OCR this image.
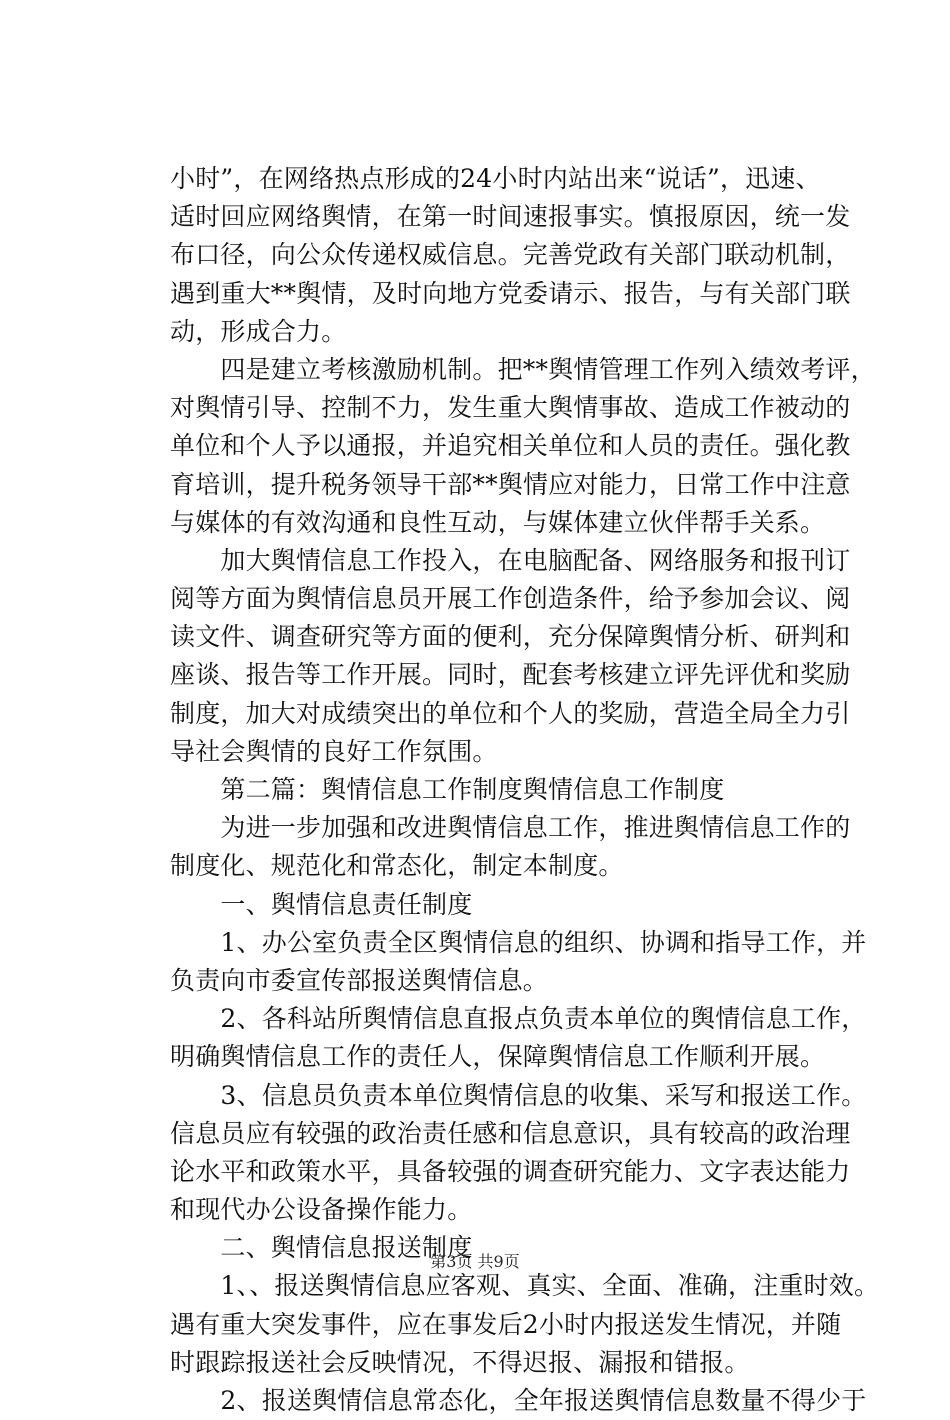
小时”，在网络热点形成的24小时内站出来“说话”，迅速、
适时回应网络舆情，在第一时间速报事实。慎报原因，统一发
布口径，向公众传递权威信息。完善党政有关部门联动机制，
遇到重大**舆情，及时向地方党委请示、报告，与有关部门联
动，形成合力。
　　四是建立考核激励机制。把**舆情管理工作列入绩效考评，
对舆情引导、控制不力，发生重大舆情事故、造成工作被动的
单位和个人予以通报，并追究相关单位和人员的责任。强化教
育培训，提升税务领导干部**舆情应对能力，日常工作中注意
与媒体的有效沟通和良性互动，与媒体建立伙伴帮手关系。
　　加大舆情信息工作投入，在电脑配备、网络服务和报刊订
阅等方面为舆情信息员开展工作创造条件，给予参加会议、阅
读文件、调查研究等方面的便利，充分保障舆情分析、研判和
座谈、报告等工作开展。同时，配套考核建立评先评优和奖励
制度，加大对成绩突出的单位和个人的奖励，营造全局全力引
导社会舆情的良好工作氛围。
　　第二篇：舆情信息工作制度舆情信息工作制度
　　为进一步加强和改进舆情信息工作，推进舆情信息工作的
制度化、规范化和常态化，制定本制度。
　　一、舆情信息责任制度
　　1、办公室负责全区舆情信息的组织、协调和指导工作，并
负责向市委宣传部报送舆情信息。
　　2、各科站所舆情信息直报点负责本单位的舆情信息工作，
明确舆情信息工作的责任人，保障舆情信息工作顺利开展。
　　3、信息员负责本单位舆情信息的收集、采写和报送工作。
信息员应有较强的政治责任感和信息意识，具有较高的政治理
论水平和政策水平，具备较强的调查研究能力、文字表达能力
和现代办公设备操作能力。
　　二、舆情信息报送制度
　　1、、报送舆情信息应客观、真实、全面、准确，注重时效。
遇有重大突发事件，应在事发后2小时内报送发生情况，并随
时跟踪报送社会反映情况，不得迟报、漏报和错报。
　　2、报送舆情信息常态化，全年报送舆情信息数量不得少于
第3页 共9页
